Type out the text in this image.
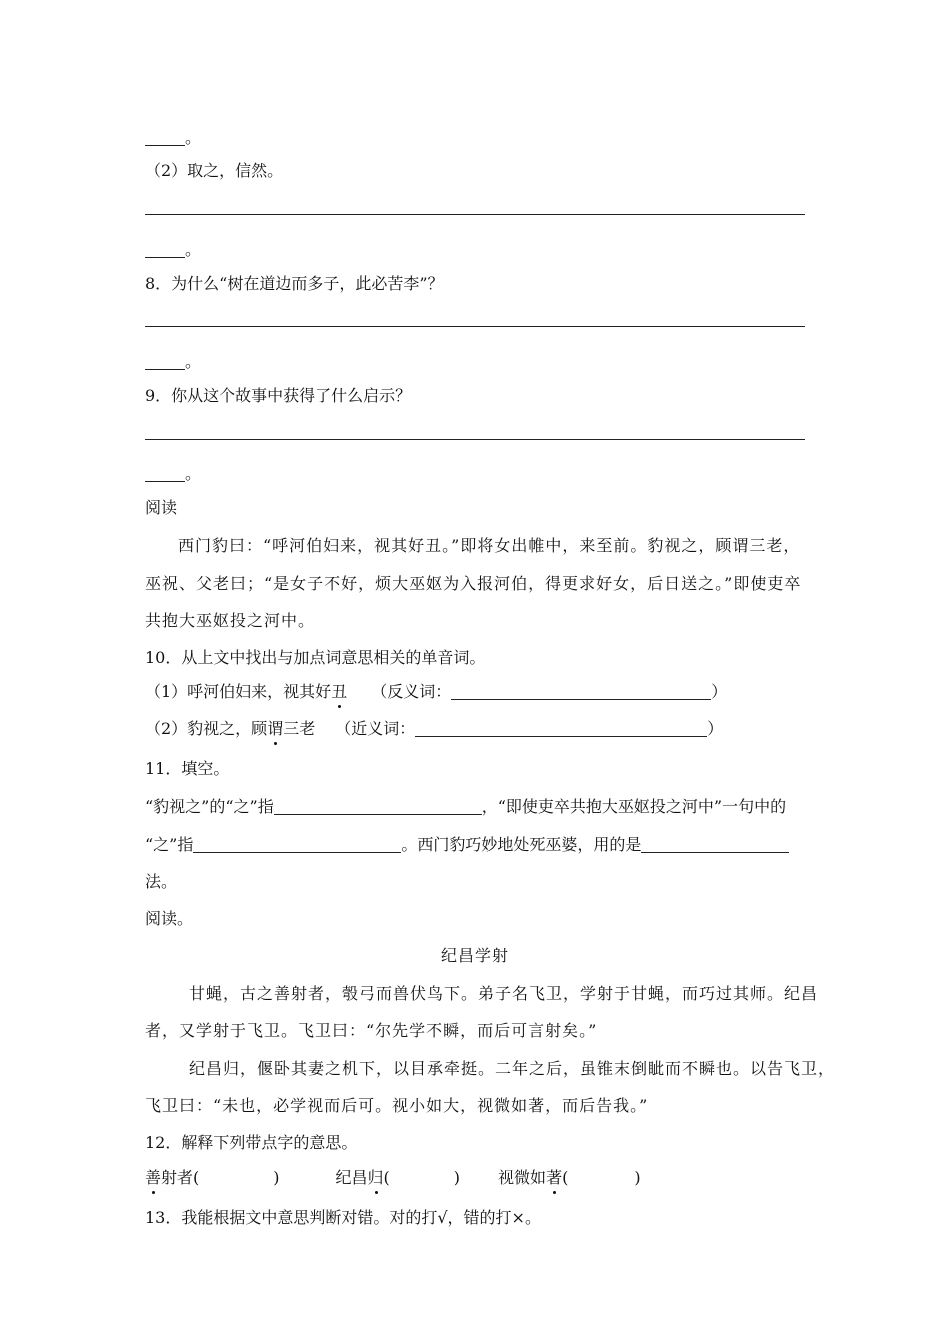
。
（2）取之，信然。
。
8．为什么“树在道边而多子，此必苦李”？
。
9．你从这个故事中获得了什么启示？
。
阅读
西门豹曰：“呼河伯妇来，视其好丑。”即将女出帷中，来至前。豹视之，顾谓三老，
巫祝、父老曰；“是女子不好，烦大巫妪为入报河伯，得更求好女，后日送之。”即使吏卒
共抱大巫妪投之河中。
10．从上文中找出与加点词意思相关的单音词。
（1）呼河伯妇来，视其好丑 （反义词：	）
（2）豹视之，顾谓三老 （近义词：	）
11．填空。
“豹视之”的“之”指	，“即使吏卒共抱大巫妪投之河中”一句中的
“之”指	。西门豹巧妙地处死巫婆，用的是
法。
阅读。
纪昌学射
甘蝇，古之善射者，彀弓而兽伏鸟下。弟子名飞卫，学射于甘蝇，而巧过其师。纪昌
者，又学射于飞卫。飞卫曰：“尔先学不瞬，而后可言射矣。”
纪昌归，偃卧其妻之机下，以目承牵挺。二年之后，虽锥末倒眦而不瞬也。以告飞卫，
飞卫曰：“未也，必学视而后可。视小如大，视微如著，而后告我。”
12．解释下列带点字的意思。
善射者(	)	纪昌归(	) 视微如著(	)
13．我能根据文中意思判断对错。对的打√，错的打×。
